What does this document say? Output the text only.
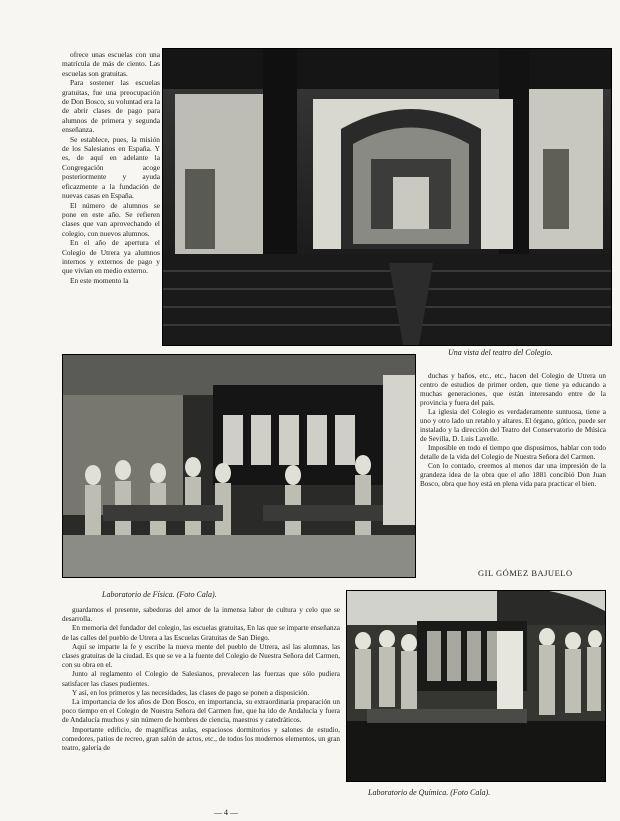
ofrece unas escuelas con una matrícula de más de ciento. Las escuelas son gratuitas.

Para sostener las escuelas gratuitas, fue una preocupación de Don Bosco, su voluntad era la de abrir clases de pago para alumnos de primera y segunda enseñanza.

Se establece, pues, la misión de los Salesianos en España. Y es, de aquí en adelante la Congregación acoge posteriormente y ayuda eficazmente a la fundación de nuevas casas en España.

El número de alumnos se pone en este año. Se refieren clases que van aprovechando el colegio, con nuevos alumnos.

En el año de apertura el Colegio de Utrera ya alumnos internos y externos de pago y que vivían en medio externo.

En este momento la

Una vista del teatro del Colegio.
Laboratorio de Física. (Foto Cala).

duchas y baños, etc., etc., hacen del Colegio de Utrera un centro de estudios de primer orden, que tiene ya educando a muchas generaciones, que están interesando entre de la provincia y fuera del país.

La iglesia del Colegio es verdaderamente suntuosa, tiene a uno y otro lado un retablo y altares. El órgano, gótico, puede ser instalado y la dirección del Teatro del Conservatorio de Música de Sevilla, D. Luis Lavelle.

Imposible en todo el tiempo que dispusimos, hablar con todo detalle de la vida del Colegio de Nuestra Señora del Carmen.

Con lo contado, creemos al menos dar una impresión de la grandeza idea de la obra que el año 1881 concibió Don Juan Bosco, obra que hoy está en plena vida para practicar el bien.

GIL GÓMEZ BAJUELO

guardamos el presente, sabedoras del amor de la inmensa labor de cultura y celo que se desarrolla.

En memoria del fundador del colegio, las escuelas gratuitas, En las que se imparte enseñanza de las calles del pueblo de Utrera a las Escuelas Gratuitas de San Diego.

Aquí se imparte la fe y escribe la nueva mente del pueblo de Utrera, así las alumnas, las clases gratuitas de la ciudad. Es que se ve a la fuente del Colegio de Nuestra Señora del Carmen, con su obra en el.

Junto al reglamento el Colegio de Salesianos, prevalecen las fuerzas que sólo pudiera satisfacer las clases pudientes.

Y así, en los primeros y las necesidades, las clases de pago se ponen a disposición.

La importancia de los años de Don Bosco, en importancia, su extraordinaria preparación un poco tiempo en el Colegio de Nuestra Señora del Carmen fue, que ha ido de Andalucía y fuera de Andalucía muchos y sin número de hombres de ciencia, maestros y catedráticos.

Importante edificio, de magníficas aulas, espaciosos dormitorios y salones de estudio, comedores, patios de recreo, gran salón de actos, etc., de todos los modernos elementos, un gran teatro, galería de

Laboratorio de Química. (Foto Cala).
— 4 —
